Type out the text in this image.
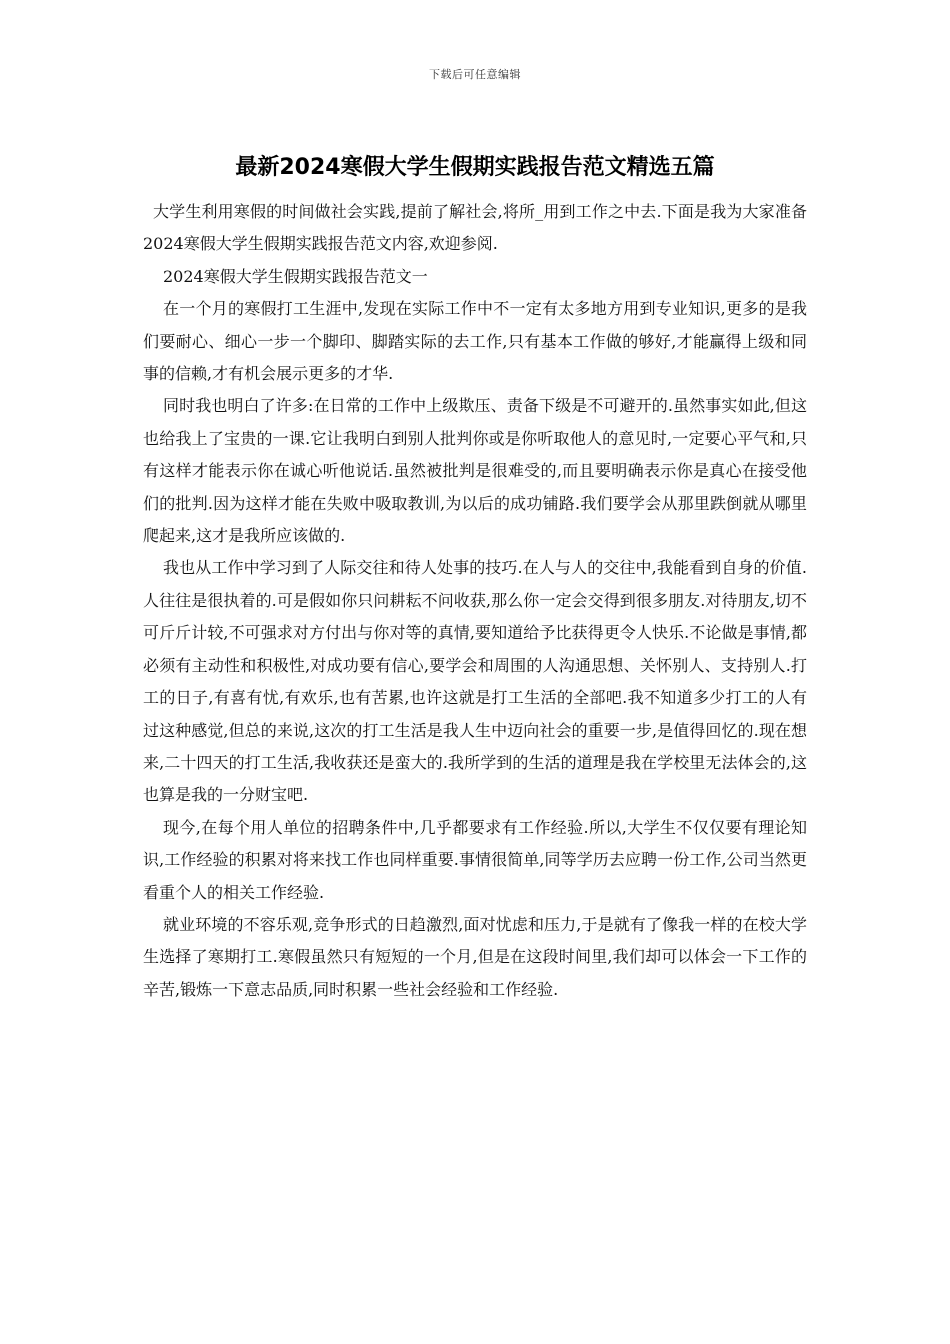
下载后可任意编辑
最新2024寒假大学生假期实践报告范文精选五篇

大学生利用寒假的时间做社会实践,提前了解社会,将所_用到工作之中去.下面是我为大家准备2024寒假大学生假期实践报告范文内容,欢迎参阅.

2024寒假大学生假期实践报告范文一

在一个月的寒假打工生涯中,发现在实际工作中不一定有太多地方用到专业知识,更多的是我们要耐心、细心一步一个脚印、脚踏实际的去工作,只有基本工作做的够好,才能赢得上级和同事的信赖,才有机会展示更多的才华.

同时我也明白了许多:在日常的工作中上级欺压、责备下级是不可避开的.虽然事实如此,但这也给我上了宝贵的一课.它让我明白到别人批判你或是你听取他人的意见时,一定要心平气和,只有这样才能表示你在诚心听他说话.虽然被批判是很难受的,而且要明确表示你是真心在接受他们的批判.因为这样才能在失败中吸取教训,为以后的成功铺路.我们要学会从那里跌倒就从哪里爬起来,这才是我所应该做的.

我也从工作中学习到了人际交往和待人处事的技巧.在人与人的交往中,我能看到自身的价值.人往往是很执着的.可是假如你只问耕耘不问收获,那么你一定会交得到很多朋友.对待朋友,切不可斤斤计较,不可强求对方付出与你对等的真情,要知道给予比获得更令人快乐.不论做是事情,都必须有主动性和积极性,对成功要有信心,要学会和周围的人沟通思想、关怀别人、支持别人.打工的日子,有喜有忧,有欢乐,也有苦累,也许这就是打工生活的全部吧.我不知道多少打工的人有过这种感觉,但总的来说,这次的打工生活是我人生中迈向社会的重要一步,是值得回忆的.现在想来,二十四天的打工生活,我收获还是蛮大的.我所学到的生活的道理是我在学校里无法体会的,这也算是我的一分财宝吧.

现今,在每个用人单位的招聘条件中,几乎都要求有工作经验.所以,大学生不仅仅要有理论知识,工作经验的积累对将来找工作也同样重要.事情很简单,同等学历去应聘一份工作,公司当然更看重个人的相关工作经验.

就业环境的不容乐观,竞争形式的日趋激烈,面对忧虑和压力,于是就有了像我一样的在校大学生选择了寒期打工.寒假虽然只有短短的一个月,但是在这段时间里,我们却可以体会一下工作的辛苦,锻炼一下意志品质,同时积累一些社会经验和工作经验.
